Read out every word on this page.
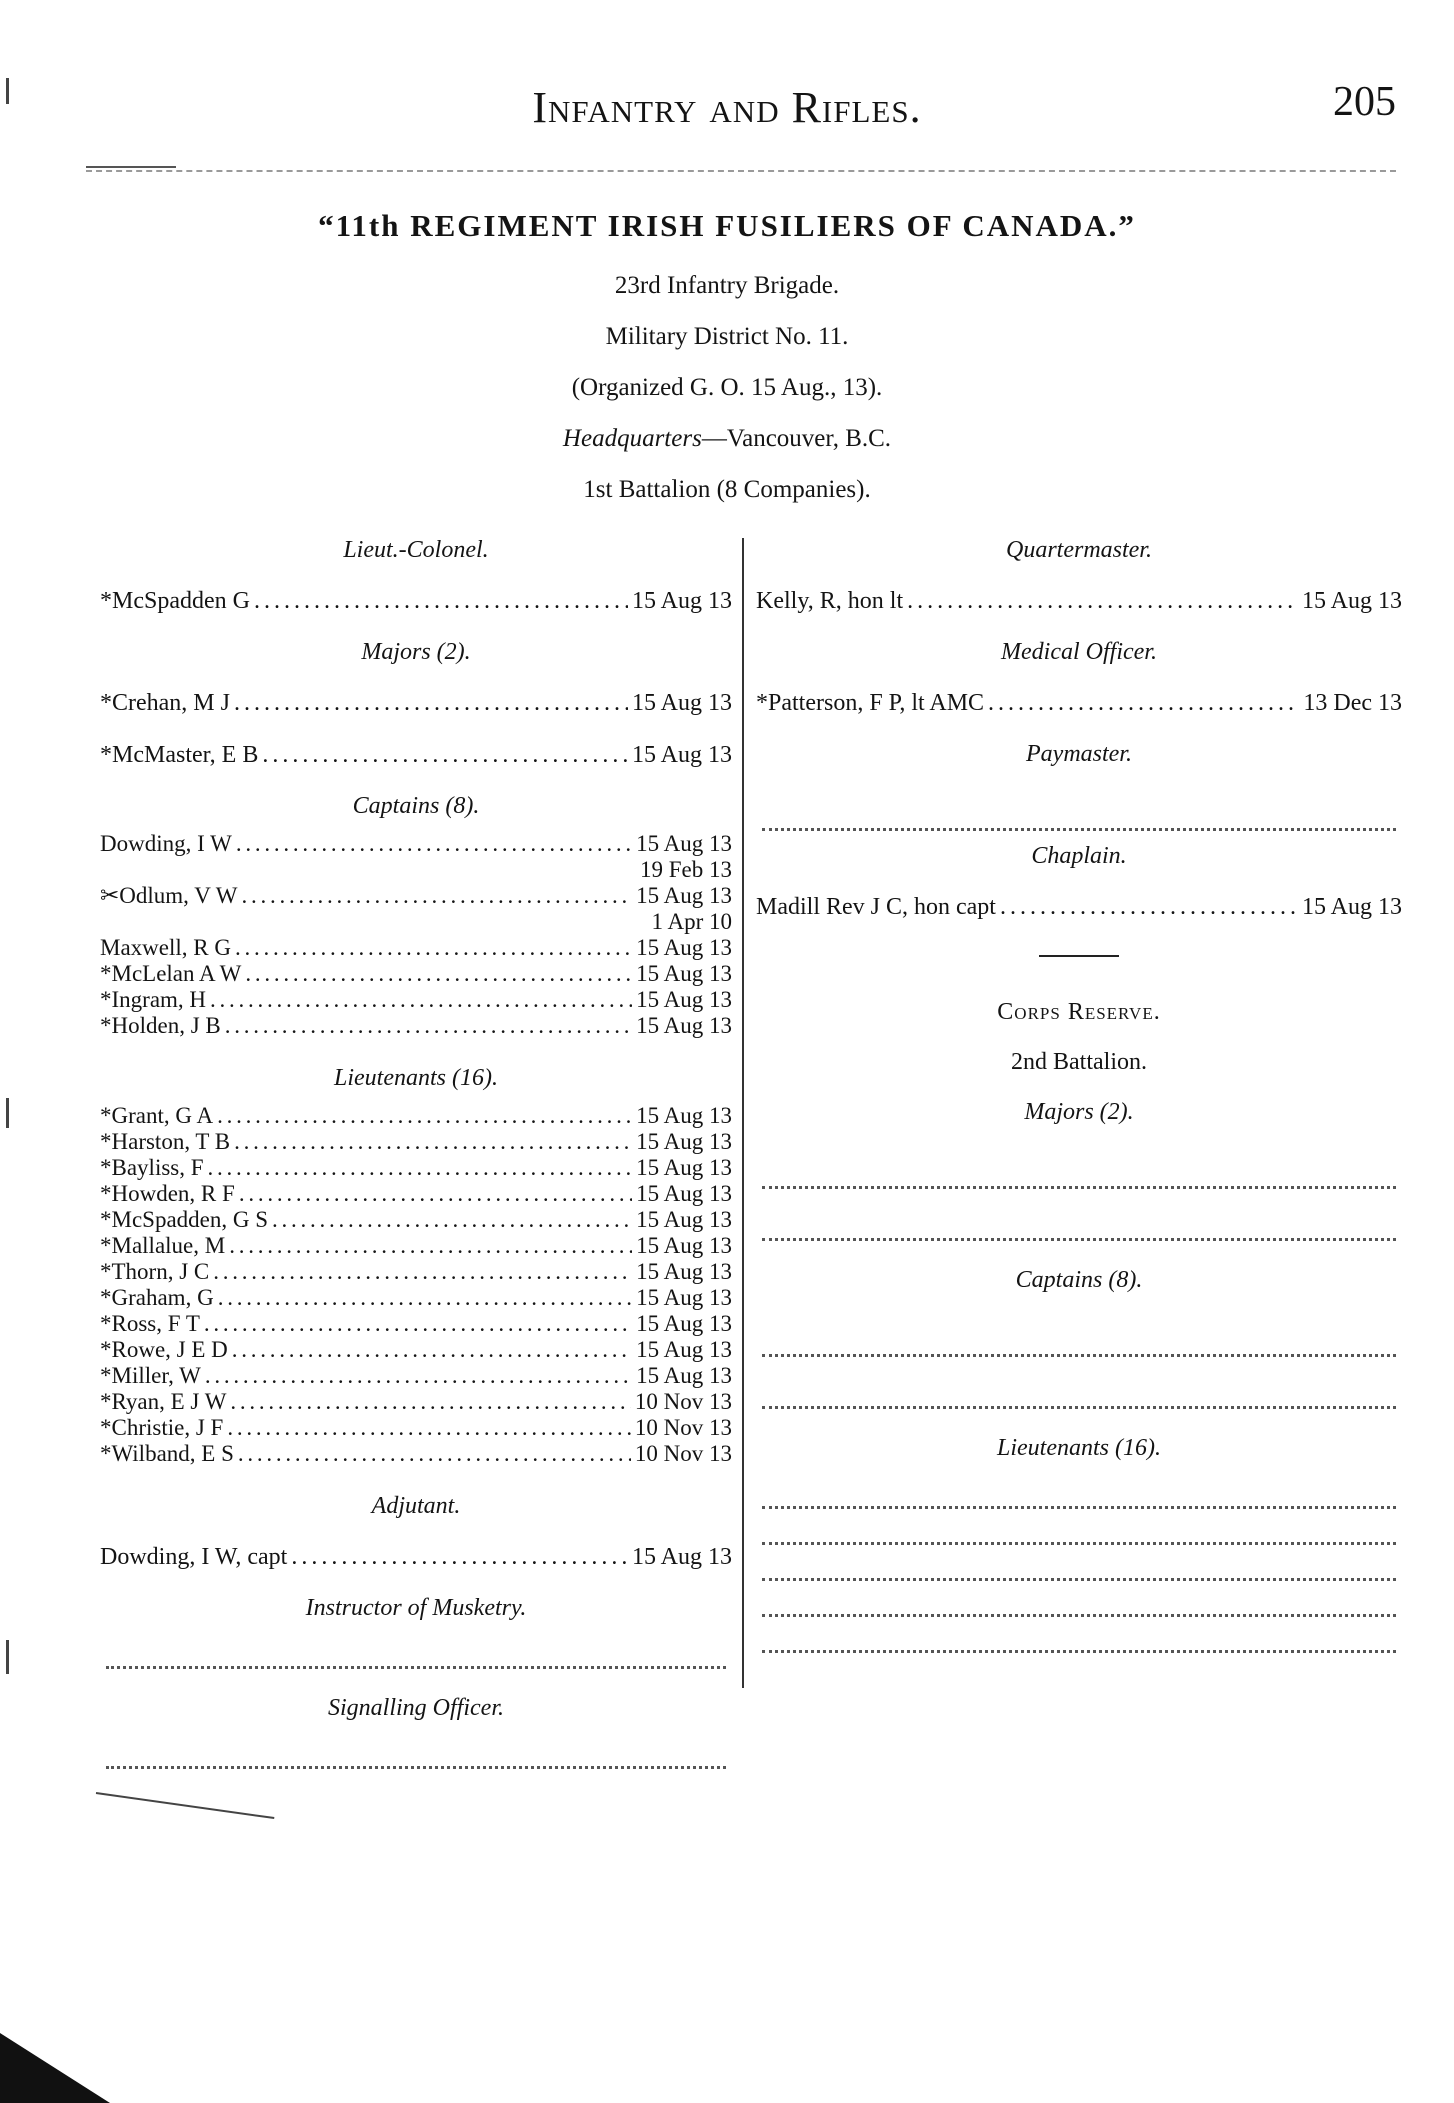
Infantry and Rifles.	205
“11th REGIMENT IRISH FUSILIERS OF CANADA.”
23rd Infantry Brigade.
Military District No. 11.
(Organized G. O. 15 Aug., 13).
Headquarters—Vancouver, B.C.
1st Battalion (8 Companies).
Lieut.-Colonel.
*McSpadden G . . .	15 Aug 13
Majors (2).
*Crehan, M J . . .	15 Aug 13
*McMaster, E B . . .	15 Aug 13
Captains (8).
Dowding, I W . . .	15 Aug 13
19 Feb 13
✂Odlum, V W . . .	15 Aug 13
1 Apr 10
Maxwell, R G . . .	15 Aug 13
*McLelan A W . . .	15 Aug 13
*Ingram, H . . .	15 Aug 13
*Holden, J B . . .	15 Aug 13
Lieutenants (16).
*Grant, G A . . .	15 Aug 13
*Harston, T B . . .	15 Aug 13
*Bayliss, F . . .	15 Aug 13
*Howden, R F . . .	15 Aug 13
*McSpadden, G S . . .	15 Aug 13
*Mallalue, M . . .	15 Aug 13
*Thorn, J C . . .	15 Aug 13
*Graham, G . . .	15 Aug 13
*Ross, F T . . .	15 Aug 13
*Rowe, J E D . . .	15 Aug 13
*Miller, W . . .	15 Aug 13
*Ryan, E J W . . .	10 Nov 13
*Christie, J F . . .	10 Nov 13
*Wilband, E S . . .	10 Nov 13
Adjutant.
Dowding, I W, capt . . .	15 Aug 13
Instructor of Musketry.
Signalling Officer.
Quartermaster.
Kelly, R, hon lt . . .	15 Aug 13
Medical Officer.
*Patterson, F P, lt AMC . . .	13 Dec 13
Paymaster.
Chaplain.
Madill Rev J C, hon capt . . .	15 Aug 13
Corps Reserve.
2nd Battalion.
Majors (2).
Captains (8).
Lieutenants (16).
